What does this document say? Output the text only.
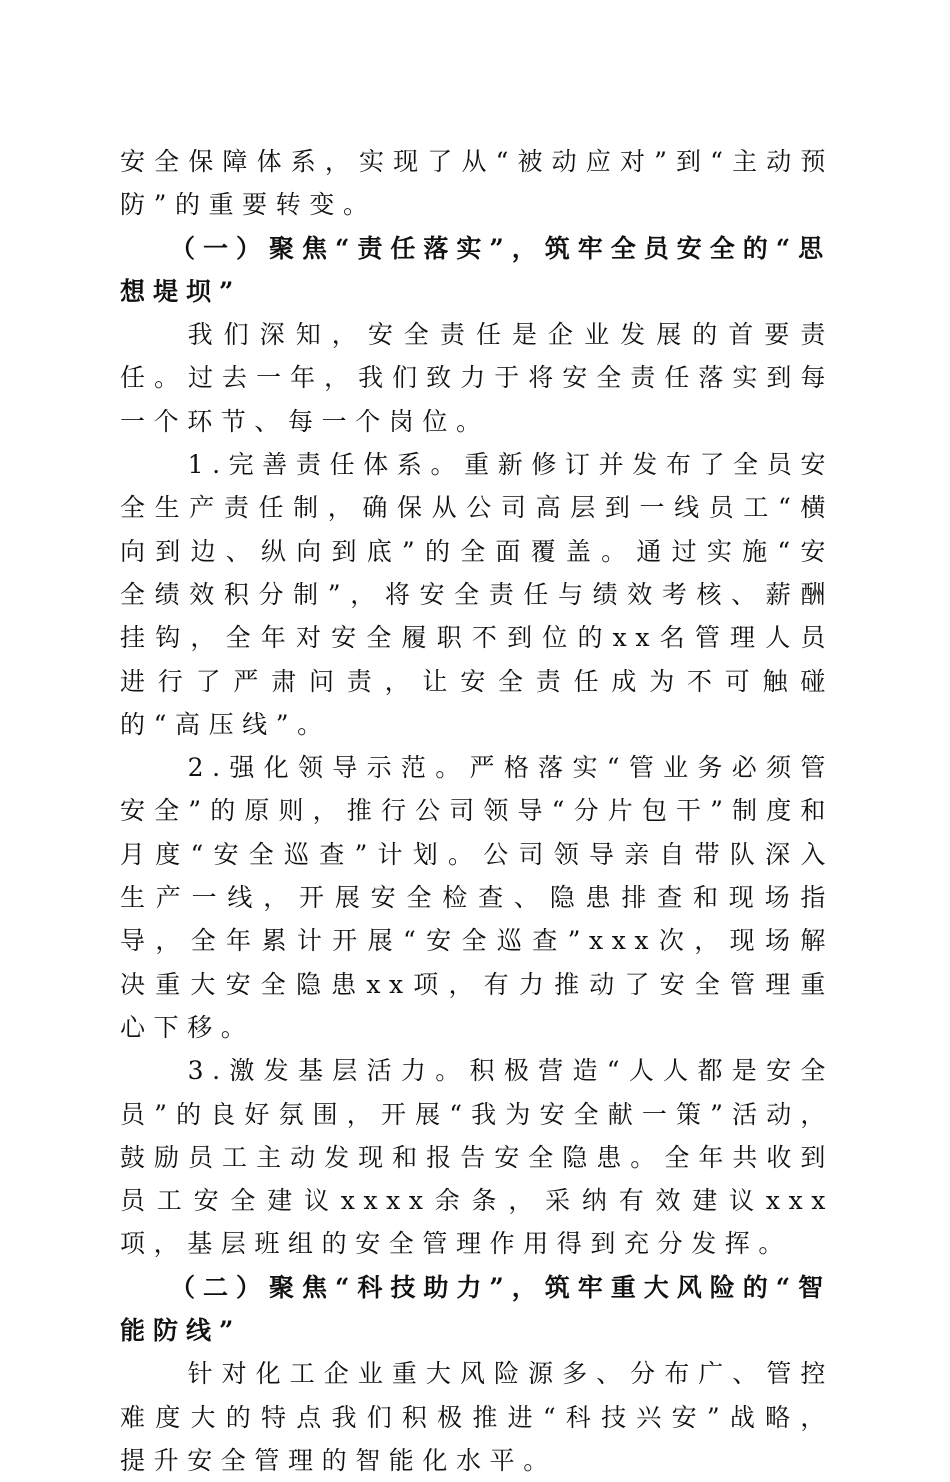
安全保障体系，实现了从“被动应对”到“主动预防”的重要转变。

（一）聚焦“责任落实”，筑牢全员安全的“思想堤坝”

我们深知，安全责任是企业发展的首要责任。过去一年，我们致力于将安全责任落实到每一个环节、每一个岗位。

1.完善责任体系。重新修订并发布了全员安全生产责任制，确保从公司高层到一线员工“横向到边、纵向到底”的全面覆盖。通过实施“安全绩效积分制”，将安全责任与绩效考核、薪酬挂钩，全年对安全履职不到位的xx名管理人员进行了严肃问责，让安全责任成为不可触碰的“高压线”。

2.强化领导示范。严格落实“管业务必须管安全”的原则，推行公司领导“分片包干”制度和月度“安全巡查”计划。公司领导亲自带队深入生产一线，开展安全检查、隐患排查和现场指导，全年累计开展“安全巡查”xxx次，现场解决重大安全隐患xx项，有力推动了安全管理重心下移。

3.激发基层活力。积极营造“人人都是安全员”的良好氛围，开展“我为安全献一策”活动，鼓励员工主动发现和报告安全隐患。全年共收到员工安全建议xxxx余条，采纳有效建议xxx项，基层班组的安全管理作用得到充分发挥。

（二）聚焦“科技助力”，筑牢重大风险的“智能防线”

针对化工企业重大风险源多、分布广、管控难度大的特点我们积极推进“科技兴安”战略，提升安全管理的智能化水平。
